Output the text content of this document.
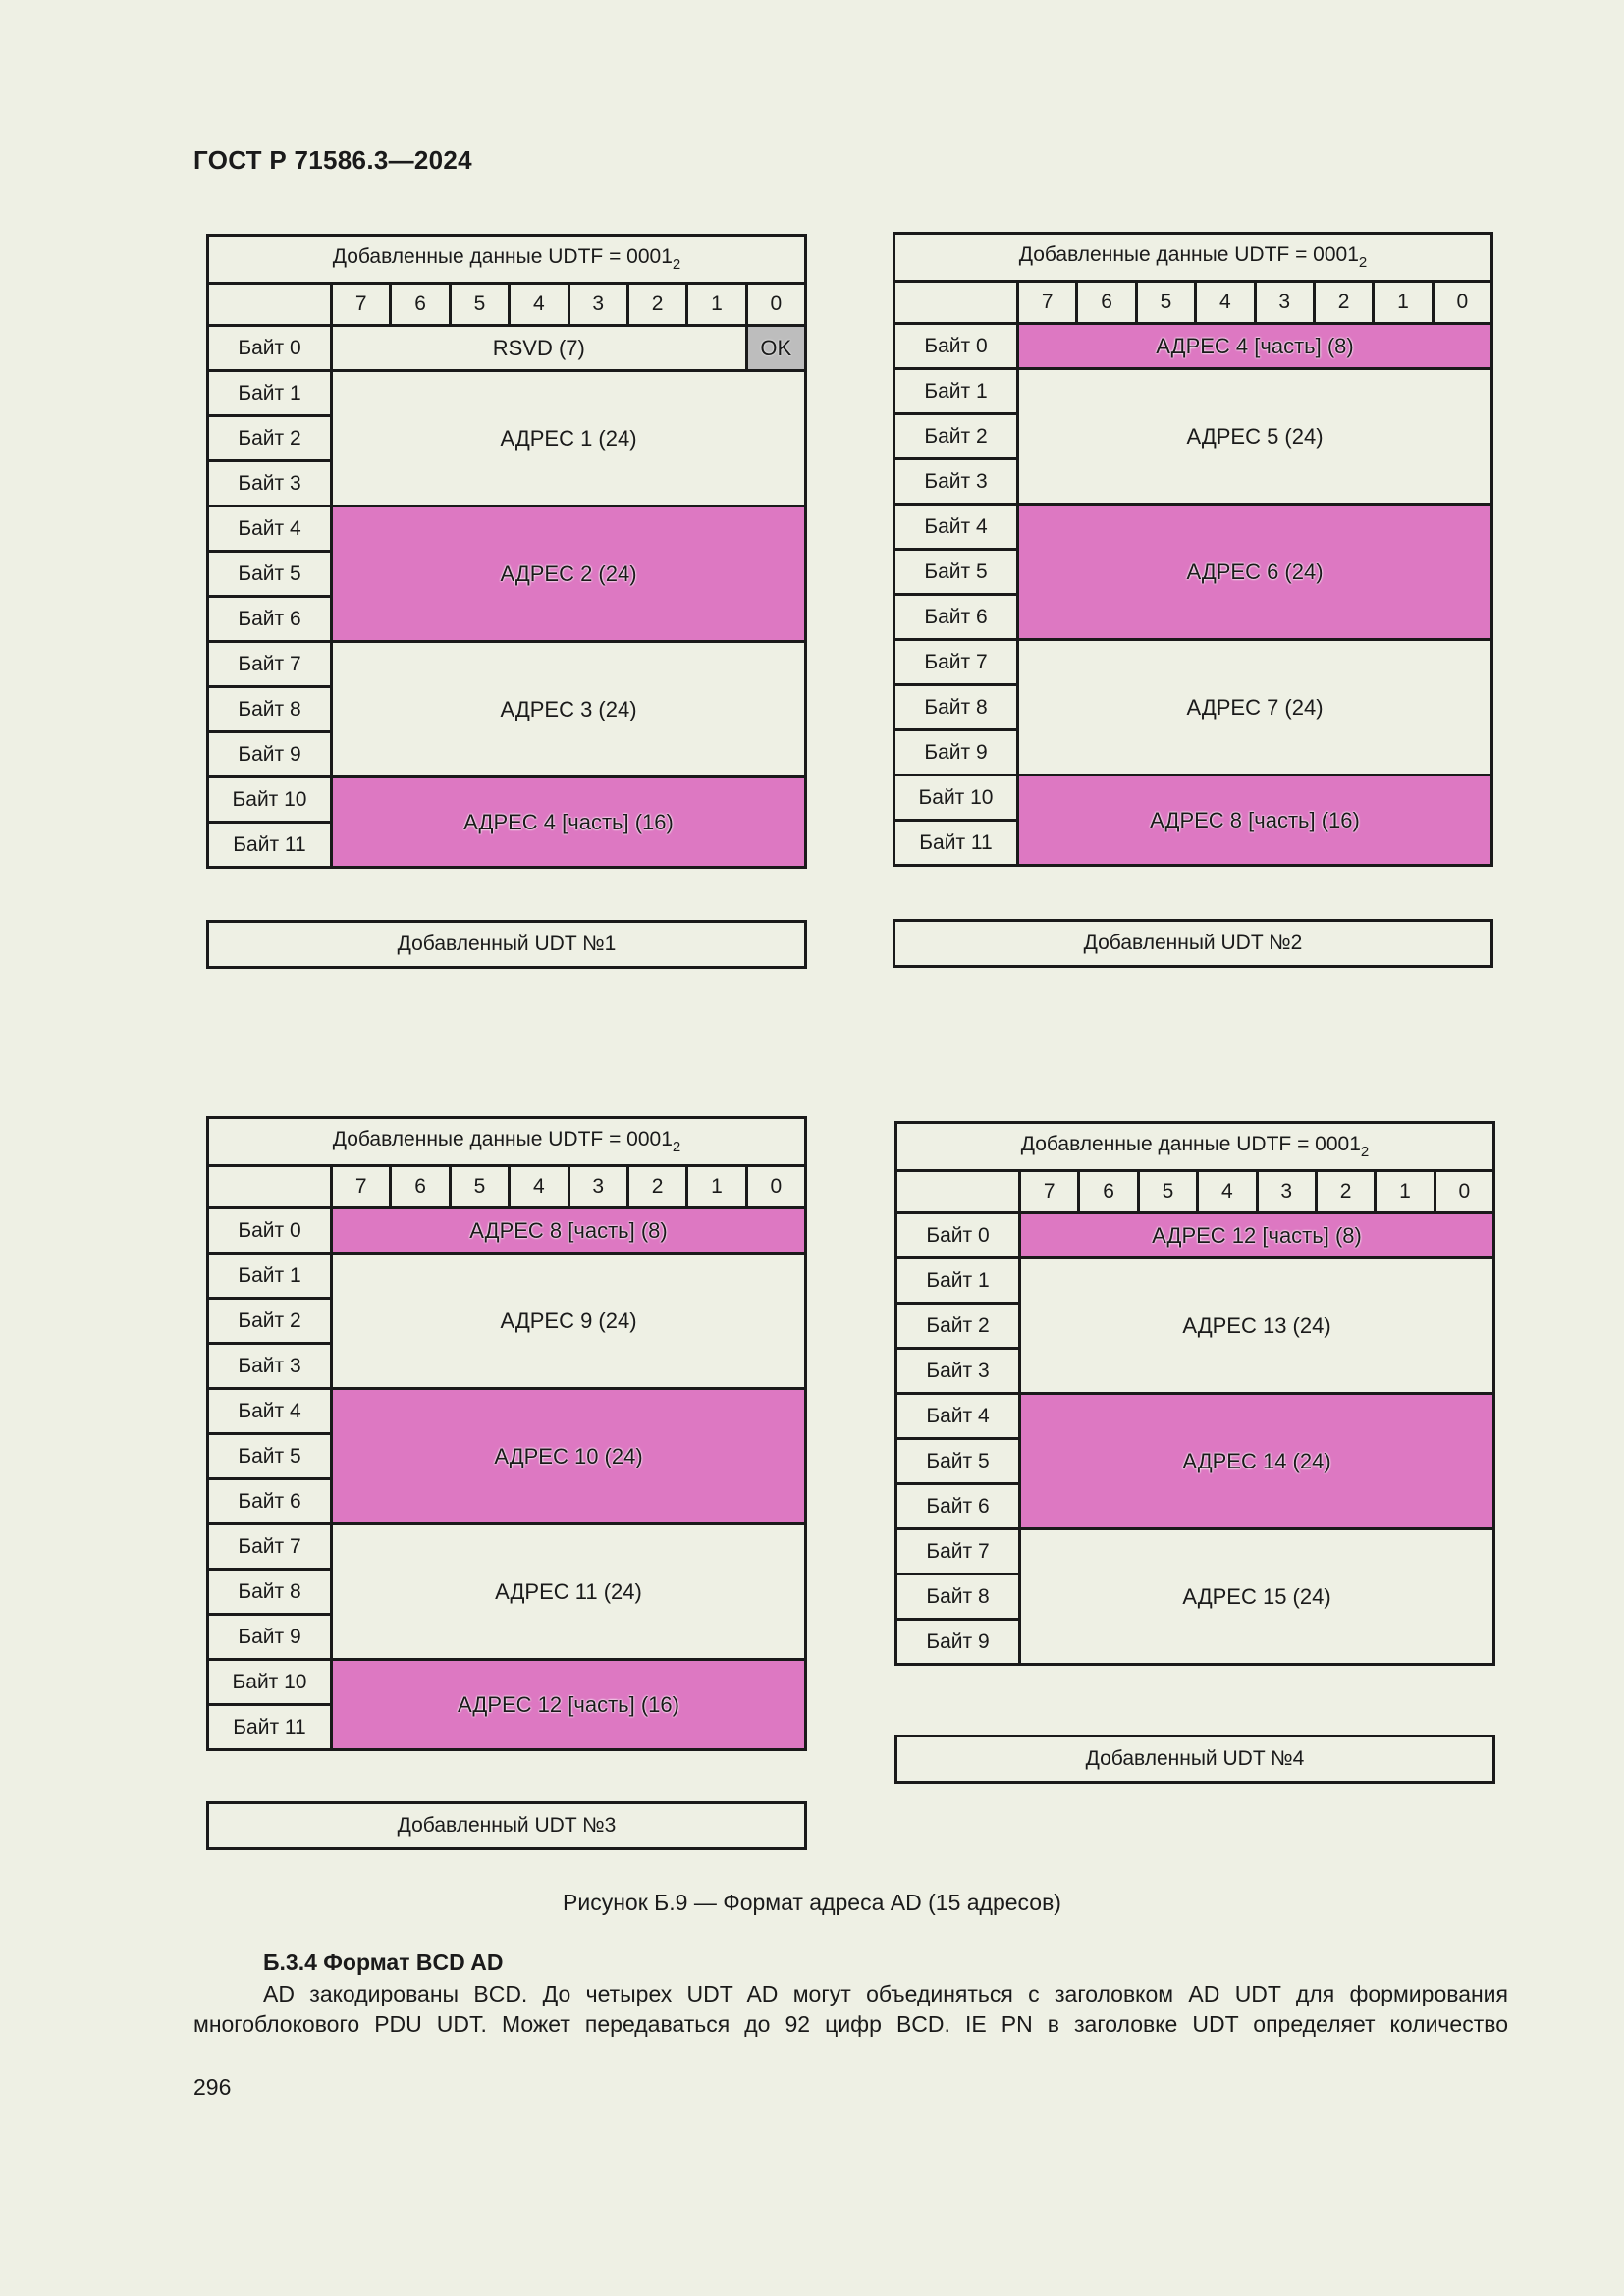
ГОСТ Р 71586.3—2024
Добавленные данные UDTF = $0001_2$
	7	6	5	4	3	2	1	0
Байт 0	RSVD (7)							OK
Байт 1	АДРЕС 1 (24)							
Байт 2								
Байт 3								
Байт 4	АДРЕС 2 (24)							
Байт 5								
Байт 6								
Байт 7	АДРЕС 3 (24)							
Байт 8								
Байт 9								
Байт 10	АДРЕС 4 [часть] (16)							
Байт 11								
Добавленный UDT №1
Добавленные данные UDTF = $0001_2$
	7	6	5	4	3	2	1	0
Байт 0	АДРЕС 4 [часть] (8)							
Байт 1	АДРЕС 5 (24)							
Байт 2								
Байт 3								
Байт 4	АДРЕС 6 (24)							
Байт 5								
Байт 6								
Байт 7	АДРЕС 7 (24)							
Байт 8								
Байт 9								
Байт 10	АДРЕС 8 [часть] (16)							
Байт 11								
Добавленный UDT №2
Добавленные данные UDTF = $0001_2$
	7	6	5	4	3	2	1	0
Байт 0	АДРЕС 8 [часть] (8)							
Байт 1	АДРЕС 9 (24)							
Байт 2								
Байт 3								
Байт 4	АДРЕС 10 (24)							
Байт 5								
Байт 6								
Байт 7	АДРЕС 11 (24)							
Байт 8								
Байт 9								
Байт 10	АДРЕС 12 [часть] (16)							
Байт 11								
Добавленный UDT №3
Добавленные данные UDTF = $0001_2$
	7	6	5	4	3	2	1	0
Байт 0	АДРЕС 12 [часть] (8)							
Байт 1	АДРЕС 13 (24)							
Байт 2								
Байт 3								
Байт 4	АДРЕС 14 (24)							
Байт 5								
Байт 6								
Байт 7	АДРЕС 15 (24)							
Байт 8								
Байт 9								
Добавленный UDT №4
Рисунок Б.9 — Формат адреса AD (15 адресов)
Б.3.4 Формат BCD AD
AD закодированы BCD. До четырех UDT AD могут объединяться с заголовком AD UDT для формирования
многоблокового PDU UDT. Может передаваться до 92 цифр BCD. IE PN в заголовке UDT определяет количество
296
